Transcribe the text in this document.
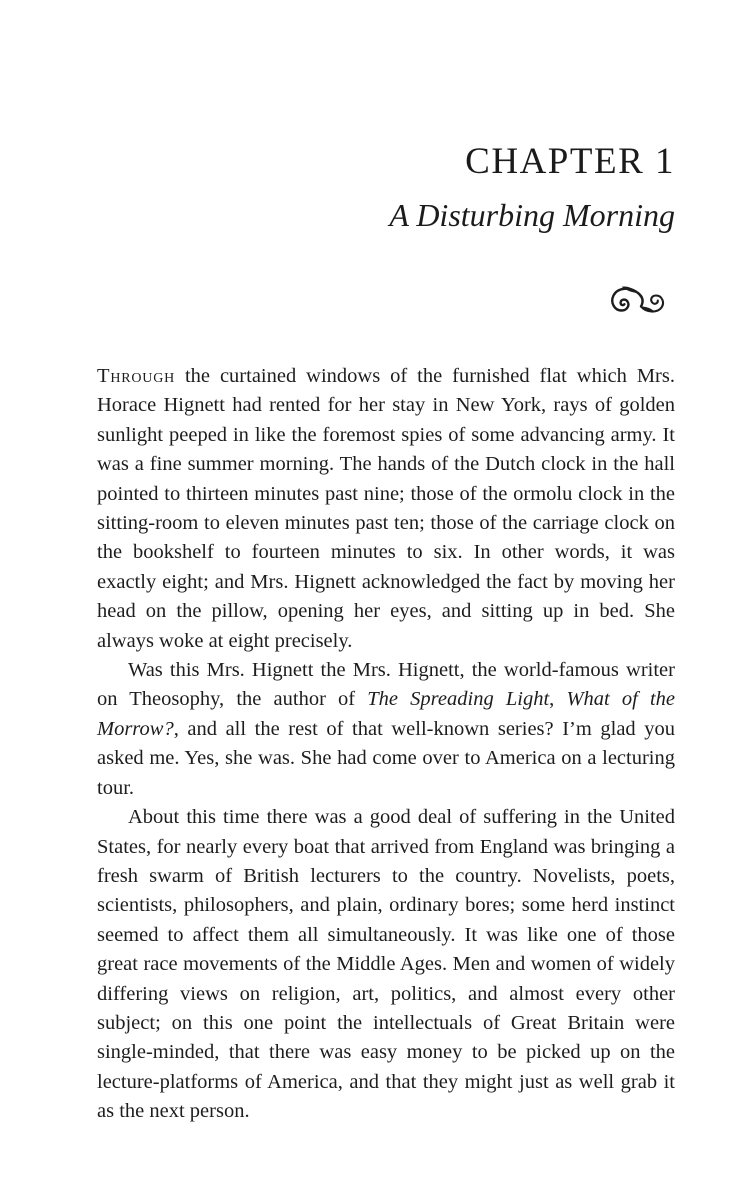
CHAPTER 1
A Disturbing Morning

Through the curtained windows of the furnished flat which Mrs. Horace Hignett had rented for her stay in New York, rays of golden sunlight peeped in like the foremost spies of some advancing army. It was a fine summer morning. The hands of the Dutch clock in the hall pointed to thirteen minutes past nine; those of the ormolu clock in the sitting-room to eleven minutes past ten; those of the carriage clock on the bookshelf to fourteen minutes to six. In other words, it was exactly eight; and Mrs. Hignett acknowledged the fact by moving her head on the pillow, opening her eyes, and sitting up in bed. She always woke at eight precisely.

Was this Mrs. Hignett the Mrs. Hignett, the world-famous writer on Theosophy, the author of The Spreading Light, What of the Morrow?, and all the rest of that well-known series? I’m glad you asked me. Yes, she was. She had come over to America on a lecturing tour.

About this time there was a good deal of suffering in the United States, for nearly every boat that arrived from England was bringing a fresh swarm of British lecturers to the country. Novelists, poets, scientists, philosophers, and plain, ordinary bores; some herd instinct seemed to affect them all simultaneously. It was like one of those great race movements of the Middle Ages. Men and women of widely differing views on religion, art, politics, and almost every other subject; on this one point the intellectuals of Great Britain were single-minded, that there was easy money to be picked up on the lecture-platforms of America, and that they might just as well grab it as the next person.
